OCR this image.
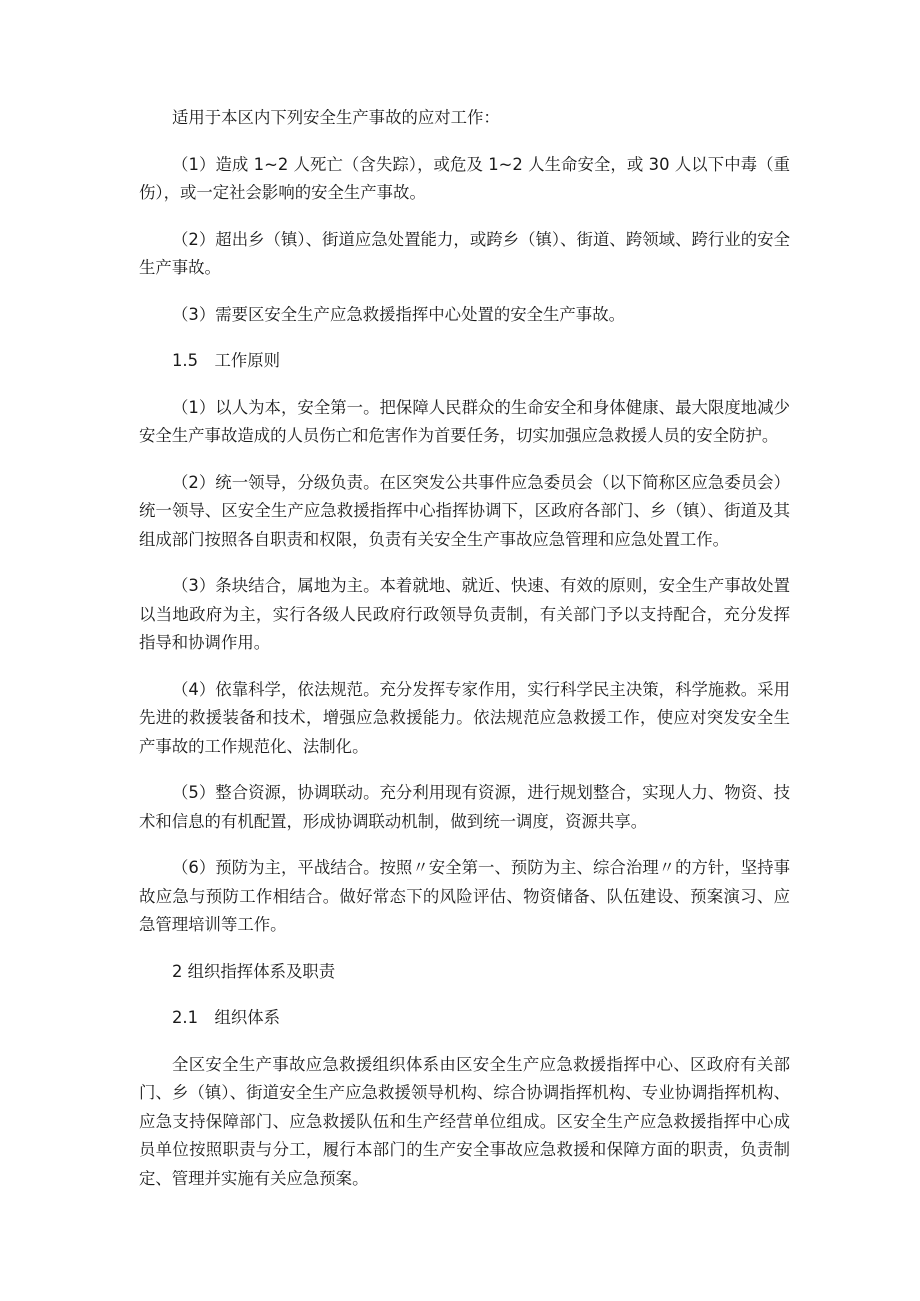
适用于本区内下列安全生产事故的应对工作：

（1）造成 1~2 人死亡（含失踪），或危及 1~2 人生命安全，或 30 人以下中毒（重伤），或一定社会影响的安全生产事故。

（2）超出乡（镇）、街道应急处置能力，或跨乡（镇）、街道、跨领域、跨行业的安全生产事故。

（3）需要区安全生产应急救援指挥中心处置的安全生产事故。

1.5　工作原则

（1）以人为本，安全第一。把保障人民群众的生命安全和身体健康、最大限度地减少安全生产事故造成的人员伤亡和危害作为首要任务，切实加强应急救援人员的安全防护。

（2）统一领导，分级负责。在区突发公共事件应急委员会（以下简称区应急委员会）统一领导、区安全生产应急救援指挥中心指挥协调下，区政府各部门、乡（镇）、街道及其组成部门按照各自职责和权限，负责有关安全生产事故应急管理和应急处置工作。

（3）条块结合，属地为主。本着就地、就近、快速、有效的原则，安全生产事故处置以当地政府为主，实行各级人民政府行政领导负责制，有关部门予以支持配合，充分发挥指导和协调作用。

（4）依靠科学，依法规范。充分发挥专家作用，实行科学民主决策，科学施救。采用先进的救援装备和技术，增强应急救援能力。依法规范应急救援工作，使应对突发安全生产事故的工作规范化、法制化。

（5）整合资源，协调联动。充分利用现有资源，进行规划整合，实现人力、物资、技术和信息的有机配置，形成协调联动机制，做到统一调度，资源共享。

（6）预防为主，平战结合。按照〃安全第一、预防为主、综合治理〃的方针，坚持事故应急与预防工作相结合。做好常态下的风险评估、物资储备、队伍建设、预案演习、应急管理培训等工作。

2 组织指挥体系及职责

2.1　组织体系

全区安全生产事故应急救援组织体系由区安全生产应急救援指挥中心、区政府有关部门、乡（镇）、街道安全生产应急救援领导机构、综合协调指挥机构、专业协调指挥机构、应急支持保障部门、应急救援队伍和生产经营单位组成。区安全生产应急救援指挥中心成员单位按照职责与分工，履行本部门的生产安全事故应急救援和保障方面的职责，负责制定、管理并实施有关应急预案。
